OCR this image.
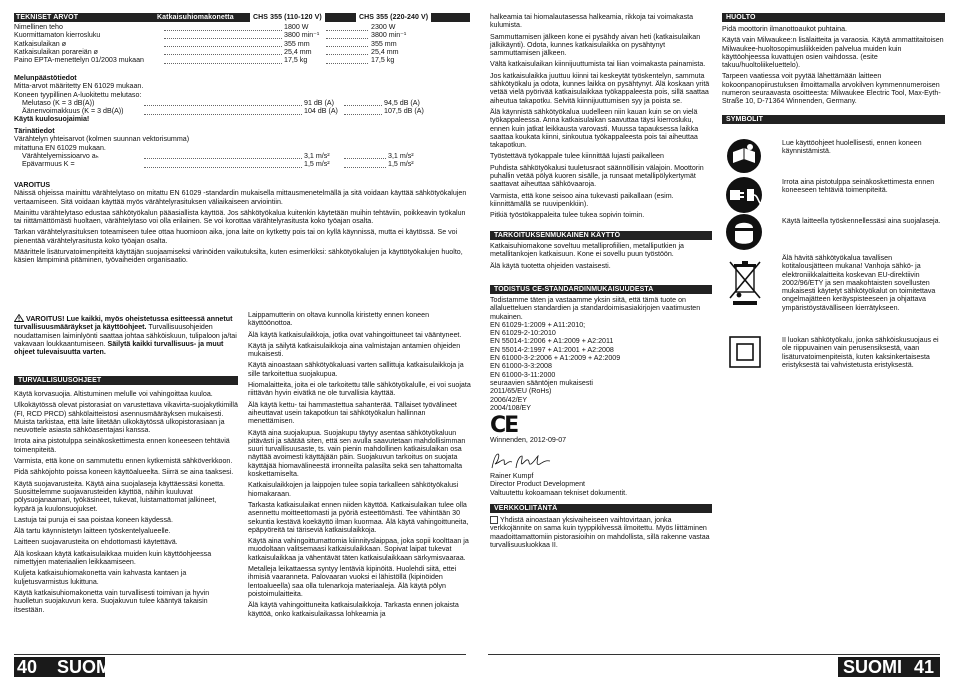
TEKNISET ARVOT	Katkaisuhiomakonetta	CHS 355 (110-120 V)	CHS 355 (220-240 V)
Nimellinen teho	1800 W	2300 W
Kuormittamaton kierrosluku	3800 min⁻¹	3800 min⁻¹
Katkaisulaikan ø	355 mm	355 mm
Katkaisulaikan porareiän ø	25,4 mm	25,4 mm
Paino EPTA-menettelyn 01/2003 mukaan	17,5 kg	17,5 kg

Melunpäästötiedot

Mitta-arvot määritetty EN 61029 mukaan.

Koneen tyypillinen A-luokitettu melutaso:

Melutaso (K = 3 dB(A))	91 dB (A)	94,5 dB (A)
Äänenvoimakkuus (K = 3 dB(A))	104 dB (A)	107,5 dB (A)

Käytä kuulosuojaimia!

Tärinätiedot

Värähtelyn yhteisarvot (kolmen suunnan vektorisumma)

mitattuna EN 61029 mukaan.

Värähtelyemissioarvo aₕ	3,1 m/s²	3,1 m/s²
Epävarmuus K =	1,5 m/s²	1,5 m/s²

VAROITUS

Näissä ohjeissa mainittu värähtelytaso on mitattu EN 61029 -standardin mukaisella mittausmenetelmällä ja sitä voidaan käyttää sähkötyökalujen vertaamiseen. Sitä voidaan käyttää myös värähtelyrasituksen väliaikaiseen arviointiin.

Mainittu värähtelytaso edustaa sähkötyökalun pääasiallista käyttöä. Jos sähkötyökalua kuitenkin käytetään muihin tehtäviin, poikkeavin työkalun tai riittämättömästi huoltaen, värähtelytaso voi olla erilainen. Se voi korottaa värähtelyrasitusta koko työajan osalta.

Tarkan värähtelyrasituksen toteamiseen tulee ottaa huomioon aika, jona laite on kytketty pois tai on kyllä käynnissä, mutta ei käytössä. Se voi pienentää värähtelyrasitusta koko työajan osalta.

Määrittele lisäturvatoimenpiteitä käyttäjän suojaamiseksi värinöiden vaikutuksilta, kuten esimerkiksi: sähkötyökalujen ja käyttötyökalujen huolto, käsien lämpiminä pitäminen, työvaiheiden organisaatio.

VAROITUS! Lue kaikki, myös oheistetussa esitteessä annetut turvallisuusmääräykset ja käyttöohjeet. Turvallisuusohjeiden noudattamisen laiminlyönti saattaa johtaa sähköiskuun, tulipaloon ja/tai vakavaan loukkaantumiseen. Säilytä kaikki turvallisuus- ja muut ohjeet tulevaisuutta varten.

TURVALLISUUSOHJEET

Käytä korvasuojia. Altistuminen melulle voi vahingoittaa kuuloa.

Ulkokäytössä olevat pistorasiat on varustettava vikavirta-suojakytkimillä (FI, RCD PRCD) sähkölaitteistosi asennusmääräyksen mukaisesti. Muista tarkistaa, että laite liitetään ulkokäytössä ulkopistorasiaan ja neuvottele asiasta sähköasentajasi kanssa.

Irrota aina pistotulppa seinäkoskettimesta ennen koneeseen tehtäviä toimenpiteitä.

Varmista, että kone on sammutettu ennen kytkemistä sähköverkkoon.

Pidä sähköjohto poissa koneen käyttöalueelta. Siirrä se aina taaksesi.

Käytä suojavarusteita. Käytä aina suojalaseja käyttäessäsi konetta. Suosittelemme suojavarusteiden käyttöä, näihin kuuluvat pölysuojanaamari, työkäsineet, tukevat, luistamattomat jalkineet, kypärä ja kuulonsuojukset.

Lastuja tai puruja ei saa poistaa koneen käydessä.

Älä tartu käynnistetyn laitteen työskentelyalueelle.

Laitteen suojavarusteita on ehdottomasti käytettävä.

Älä koskaan käytä katkaisulaikkaa muiden kuin käyttöohjeessa nimettyjen materiaalien leikkaamiseen.

Kuljeta katkaisuhiomakonetta vain kahvasta kantaen ja kuljetusvarmistus lukittuna.

Käytä katkaisuhiomakonetta vain turvallisesti toimivan ja hyvin huolletun suojakuvun kera. Suojakuvun tulee kääntyä takaisin itsestään.

Laippamutterin on oltava kunnolla kiristetty ennen koneen käyttöönottoa.

Älä käytä katkaisulaikkoja, jotka ovat vahingoittuneet tai vääntyneet.

Käytä ja säilytä katkaisulaikkoja aina valmistajan antamien ohjeiden mukaisesti.

Käytä ainoastaan sähkötyökaluasi varten sallittuja katkaisulaikkoja ja sille tarkoitettua suojakupua.

Hiomalaitteita, joita ei ole tarkoitettu tälle sähkötyökalulle, ei voi suojata riittävän hyvin eivätkä ne ole turvallisia käyttää.

Älä käytä kettu- tai hammastettua sahanterää. Tällaiset työvälineet aiheuttavat usein takapotkun tai sähkötyökalun hallinnan menettämisen.

Käytä aina suojakupua. Suojakupu täytyy asentaa sähkötyökaluun pitävästi ja säätää siten, että sen avulla saavutetaan mahdollisimman suuri turvallisuusaste, ts. vain pienin mahdollinen katkaisulaikan osa näyttää avoimesti käyttäjään päin. Suojakuvun tarkoitus on suojata käyttäjää hiomavälineestä irronneilta palasilta sekä sen tahattomalta koskettamiselta.

Katkaisulaikkojen ja laippojen tulee sopia tarkalleen sähkötyökalusi hiomakaraan.

Tarkasta katkaisulaikat ennen niiden käyttöä. Katkaisulaikan tulee olla asennettu moitteettomasti ja pyöriä esteettömästi. Tee vähintään 30 sekuntia kestävä koekäyttö ilman kuormaa. Älä käytä vahingoittuneita, epäpyöreitä tai täriseviä katkaisulaikkoja.

Käytä aina vahingoittumattomia kiinnityslaippaa, joka sopii koolttaan ja muodoltaan valitsemaasi katkaisulaikkaan. Sopivat laipat tukevat katkaisulaikkaa ja vähentävät täten katkaisulaikkaan särkymisvaaraa.

Metalleja leikattaessa syntyy lentäviä kipinöitä. Huolehdi siitä, ettei ihmisiä vaaranneta. Palovaaran vuoksi ei lähistöllä (kipinöiden lentoalueella) saa olla tulenarkoja materiaaleja. Älä käytä pölyn poistoimulaitteita.

Älä käytä vahingoittuneita katkaisulaikkoja. Tarkasta ennen jokaista käyttöä, onko katkaisulaikassa lohkeamia ja

40 SUOMI

halkeamia tai hiomalautasessa halkeamia, rikkoja tai voimakasta kulumista.

Sammuttamisen jälkeen kone ei pysähdy aivan heti (katkaisulaikan jälkikäynti). Odota, kunnes katkaisulaikka on pysähtynyt sammuttamisen jälkeen.

Vältä katkaisulaikan kiinnijuuttumista tai liian voimakasta painamista.

Jos katkaisulaikka juuttuu kiinni tai keskeytät työskentelyn, sammuta sähkötyökalu ja odota, kunnes laikka on pysähtynyt. Älä koskaan yritä vetää vielä pyörivää katkaisulaikkaa työkappaleesta pois, sillä saattaa aiheutua takapotku. Selvitä kiinnijuuttumisen syy ja poista se.

Älä käynnistä sähkötyökalua uudelleen niin kauan kuin se on vielä työkappaleessa. Anna katkaisulaikan saavuttaa täysi kierrosluku, ennen kuin jatkat leikkausta varovasti. Muussa tapauksessa laikka saattaa koukata kiinni, sinkoutua työkappaleesta pois tai aiheuttaa takapotkun.

Työstettävä työkappale tulee kiinnittää lujasti paikalleen

Puhdista sähkötyökalusi tuuletusraot säännöllisin välajoin. Moottorin puhallin vetää pölyä kuoren sisälle, ja runsaat metallipölykertymät saattavat aiheuttaa sähkövaaroja.

Varmista, että kone seisoo aina tukevasti paikallaan (esim. kiinnittämällä se ruuvipenkkiin).

Pitkiä työstökappaleita tulee tukea sopivin toimin.

TARKOITUKSENMUKAINEN KÄYTTÖ

Katkaisuhiomakone soveltuu metalliprofiilien, metalliputkien ja metallitankojen katkaisuun. Kone ei sovellu puun työstöön.

Älä käytä tuotetta ohjeiden vastaisesti.

TODISTUS CE-STANDARDINMUKAISUUDESTA

Todistamme täten ja vastaamme yksin siitä, että tämä tuote on allaluetteluen standardien ja standardoimisasiakirjojen vaatimusten mukainen.

EN 61029-1:2009 + A11:2010;

EN 61029-2-10:2010

EN 55014-1:2006 + A1:2009 + A2:2011

EN 55014-2:1997 + A1:2001 + A2:2008

EN 61000-3-2:2006 + A1:2009 + A2:2009

EN 61000-3-3:2008

EN 61000-3-11:2000

seuraavien sääntöjen mukaisesti

2011/65/EU (RoHs)

2006/42/EY

2004/108/EY

CE

Winnenden, 2012-09-07

Rainer Kumpf

Director Product Development

Valtuutettu kokoamaan tekniset dokumentit.

VERKKOLIITÄNTÄ

Yhdistä ainoastaan yksivaiheiseen vaihtovirtaan, jonka verkkojännite on sama kuin tyyppikilvessä ilmoitettu. Myös liittäminen maadoittamattomiin pistorasioihin on mahdollista, sillä rakenne vastaa turvallisuusluokkaa II.

HUOLTO

Pidä moottorin ilmanottoaukot puhtaina.

Käytä vain Milwaukee:n lisälaitteita ja varaosia. Käytä ammattitaitoisen Milwaukee-huoltosopimusliikkeiden palvelua muiden kuin käyttöohjeessa kuvattujen osien vaihdossa. (esite takuu/huoltoliikeluettelo).

Tarpeen vaatiessa voit pyytää lähettämään laitteen kokoonpanopiirustuksen ilmoittamalla arvokilven kymmennumeroisen numeron seuraavasta osoitteesta: Milwaukee Electric Tool, Max-Eyth-Straße 10, D-71364 Winnenden, Germany.

SYMBOLIT

Lue käyttöohjeet huolellisesti, ennen koneen käynnistämistä.

Irrota aina pistotulppa seinäkoskettimesta ennen koneeseen tehtäviä toimenpiteitä.

Käytä laitteella työskennellessäsi aina suojalaseja.

Älä hävitä sähkötyökalua tavallisen kotitalousjätteen mukana! Vanhoja sähkö- ja elektroniikkalaitteita koskevan EU-direktiivin 2002/96/ETY ja sen maakohtaisten sovellusten mukaisesti käytetyt sähkötyökalut on toimitettava ongelmajätteen keräyspisteeseen ja ohjattava ympäristöystävälliseen kierrätykseen.

II luokan sähkötyökalu, jonka sähköiskusuojaus ei ole riippuvainen vain perusensiksestä, vaan lisäturvatoimenpiteistä, kuten kaksinkertaisesta eristyksestä tai vahvistetusta eristyksestä.

SUOMI 41
